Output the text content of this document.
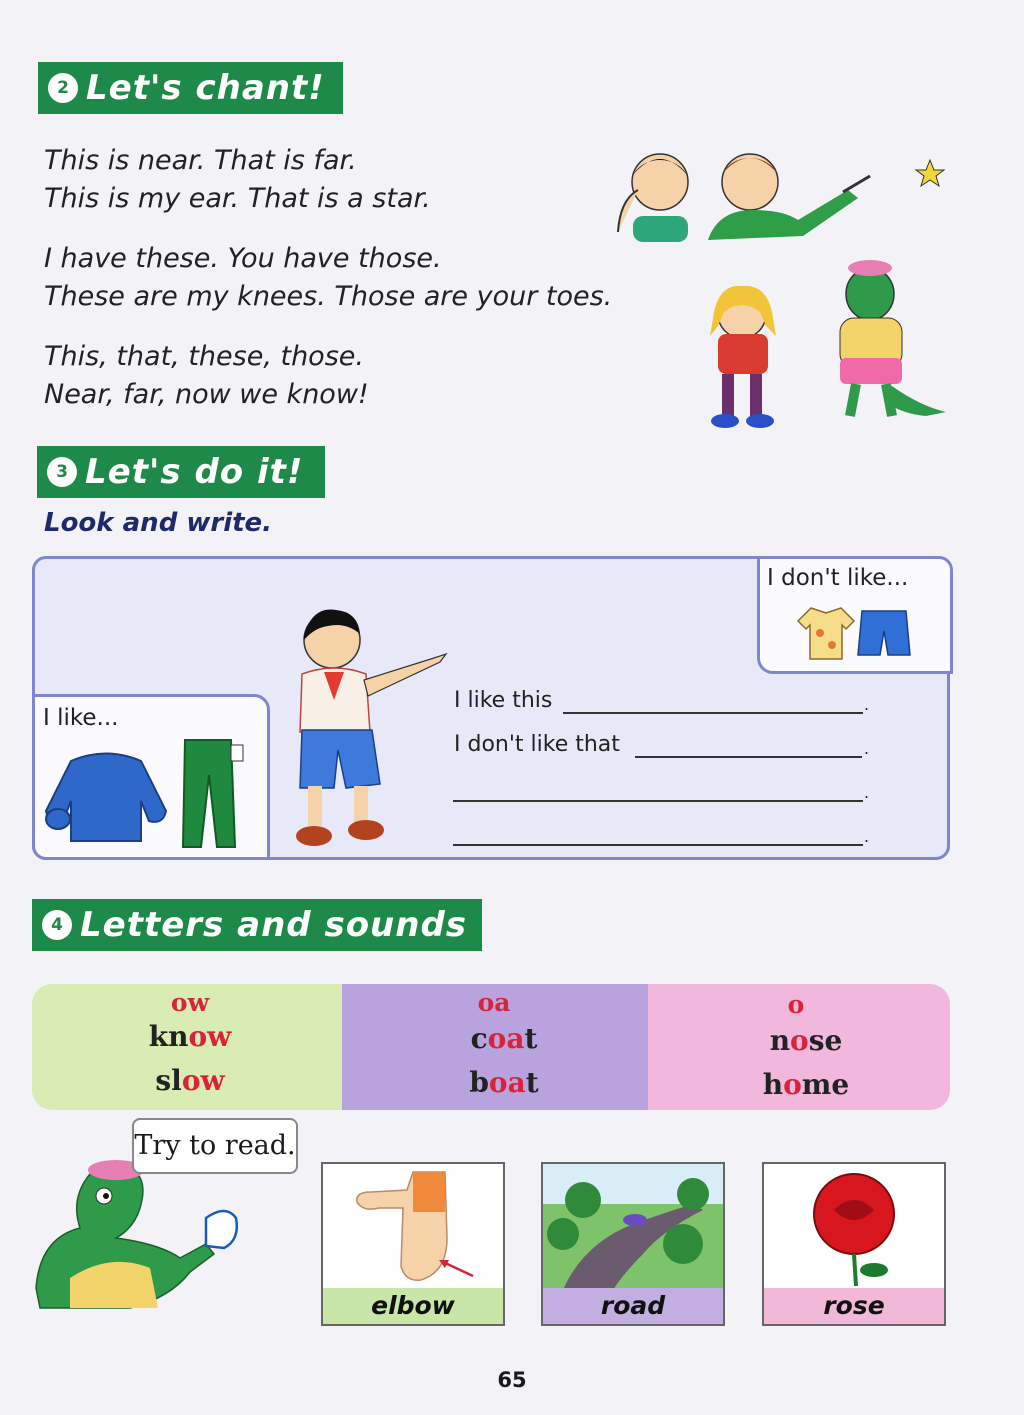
2 Let's chant!
This is near. That is far.
This is my ear. That is a star.
I have these. You have those.
These are my knees. Those are your toes.
This, that, these, those.
Near, far, now we know!
3 Let's do it!
Look and write.
I like...
I don't like...
I like this	.
I don't like that	.
.
.
4 Letters and sounds
ow
know
slow
oa
coat
boat
o
nose
home
Try to read.
elbow	road	rose
65
